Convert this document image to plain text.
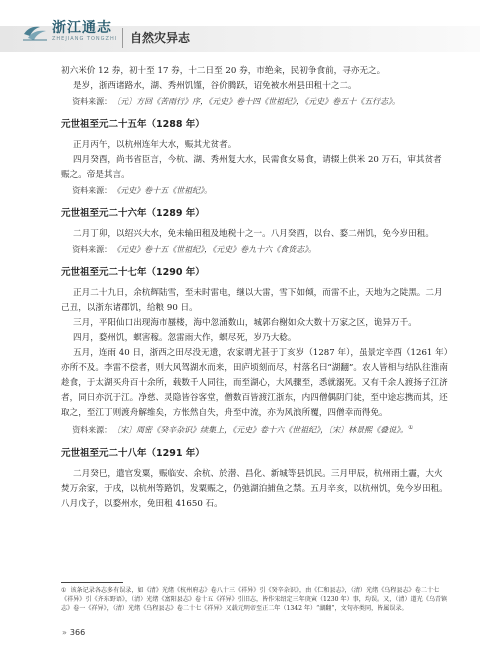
浙江通志
ZHEJIANG TONGZHI 自然灾异志

初六米价 12 券，初十至 17 券，十二日至 20 券，市绝籴，民初争食前，寻亦无之。

是岁，浙西诸路水，湖、秀州饥馑，谷价腾跃，诏免被水州县田租十之二。

资料来源：〔元〕方回《苦雨行》序，《元史》卷十四《世祖纪》，《元史》卷五十《五行志》。

元世祖至元二十五年（1288 年）

正月丙午，以杭州连年大水，赈其尤贫者。

四月癸酉，尚书省臣言，今杭、湖、秀州复大水，民需食女易食，请辍上供米 20 万石，审其贫者赈之。帝是其言。

资料来源：《元史》卷十五《世祖纪》。

元世祖至元二十六年（1289 年）

二月丁卯，以绍兴大水，免未输田租及地税十之一。八月癸酉，以台、婺二州饥，免今岁田租。

资料来源：《元史》卷十五《世祖纪》，《元史》卷九十六《食货志》。

元世祖至元二十七年（1290 年）

正月二十九日，余杭辉陆雪，至未时雷电，继以大雷，雪下如倾，而雷不止，天地为之陡黑。二月己丑，以浙东诸郡饥，给粮 90 日。

三月，平阳仙口出现海市蜃楼，海中忽涌数山，城郭台榭如众大数十万家之区，诡异万千。

四月，婺州饥，螟害稼。忽雷雨大作，螟尽死，岁乃大稔。

五月，连雨 40 日，浙西之田尽没无遗，农家谓尤甚于丁亥岁（1287 年），虽景定辛酉（1261 年）亦所不及。李雷不偿者，则大风驾湖水而来，田庐顷刻而尽，村落名曰“湖翻”。农人皆相与结队往淮南趁食，于太湖买舟百十余所，载数千人同往，而至湖心，大风骤至，悉就溺死。又有千余人渡扬子江济者，同日亦沉于江。净慈、灵隐皆谷客堂，僧数百皆渡江浙东，内四僧偶阴门徒，至中途忘携而其，还取之，至江丁则渡舟解维矣，方怅然自失，舟至中流，亦为风浪所覆，四僧幸而得免。

资料来源：〔宋〕周密《癸辛杂识》续集上，《元史》卷十六《世祖纪》，〔宋〕林景熙《叠说》。①

元世祖至元二十八年（1291 年）

二月癸巳，遣官发粟，赈临安、余杭、於潜、昌化、新城等县饥民。三月甲辰，杭州雨土霾，大火焚万余家，于戌，以杭州等路饥，发粟赈之，仍弛湖泊捕鱼之禁。五月辛亥，以杭州饥，免今岁田租。八月戊子，以婺州水，免田租 41650 石。

① 该条记录各志多有误录，如《清》光绪《杭州府志》卷八十三《祥异》引《癸辛杂识》，由《仁和县志》，（清）光绪《乌程县志》卷二十七《祥异》引《齐东野语》，（清）光绪《富阳县志》卷十五《祥异》引旧志，皆作宋绍定三年庚寅（1230 年）事，均误。又，（清）道光《乌青镇志》卷一《祥异》，（清）光绪《乌程县志》卷二十七《祥异》又载元明帝至正二年（1342 年）“湖翻”，文句亦类同，皆属误录。
» 366
